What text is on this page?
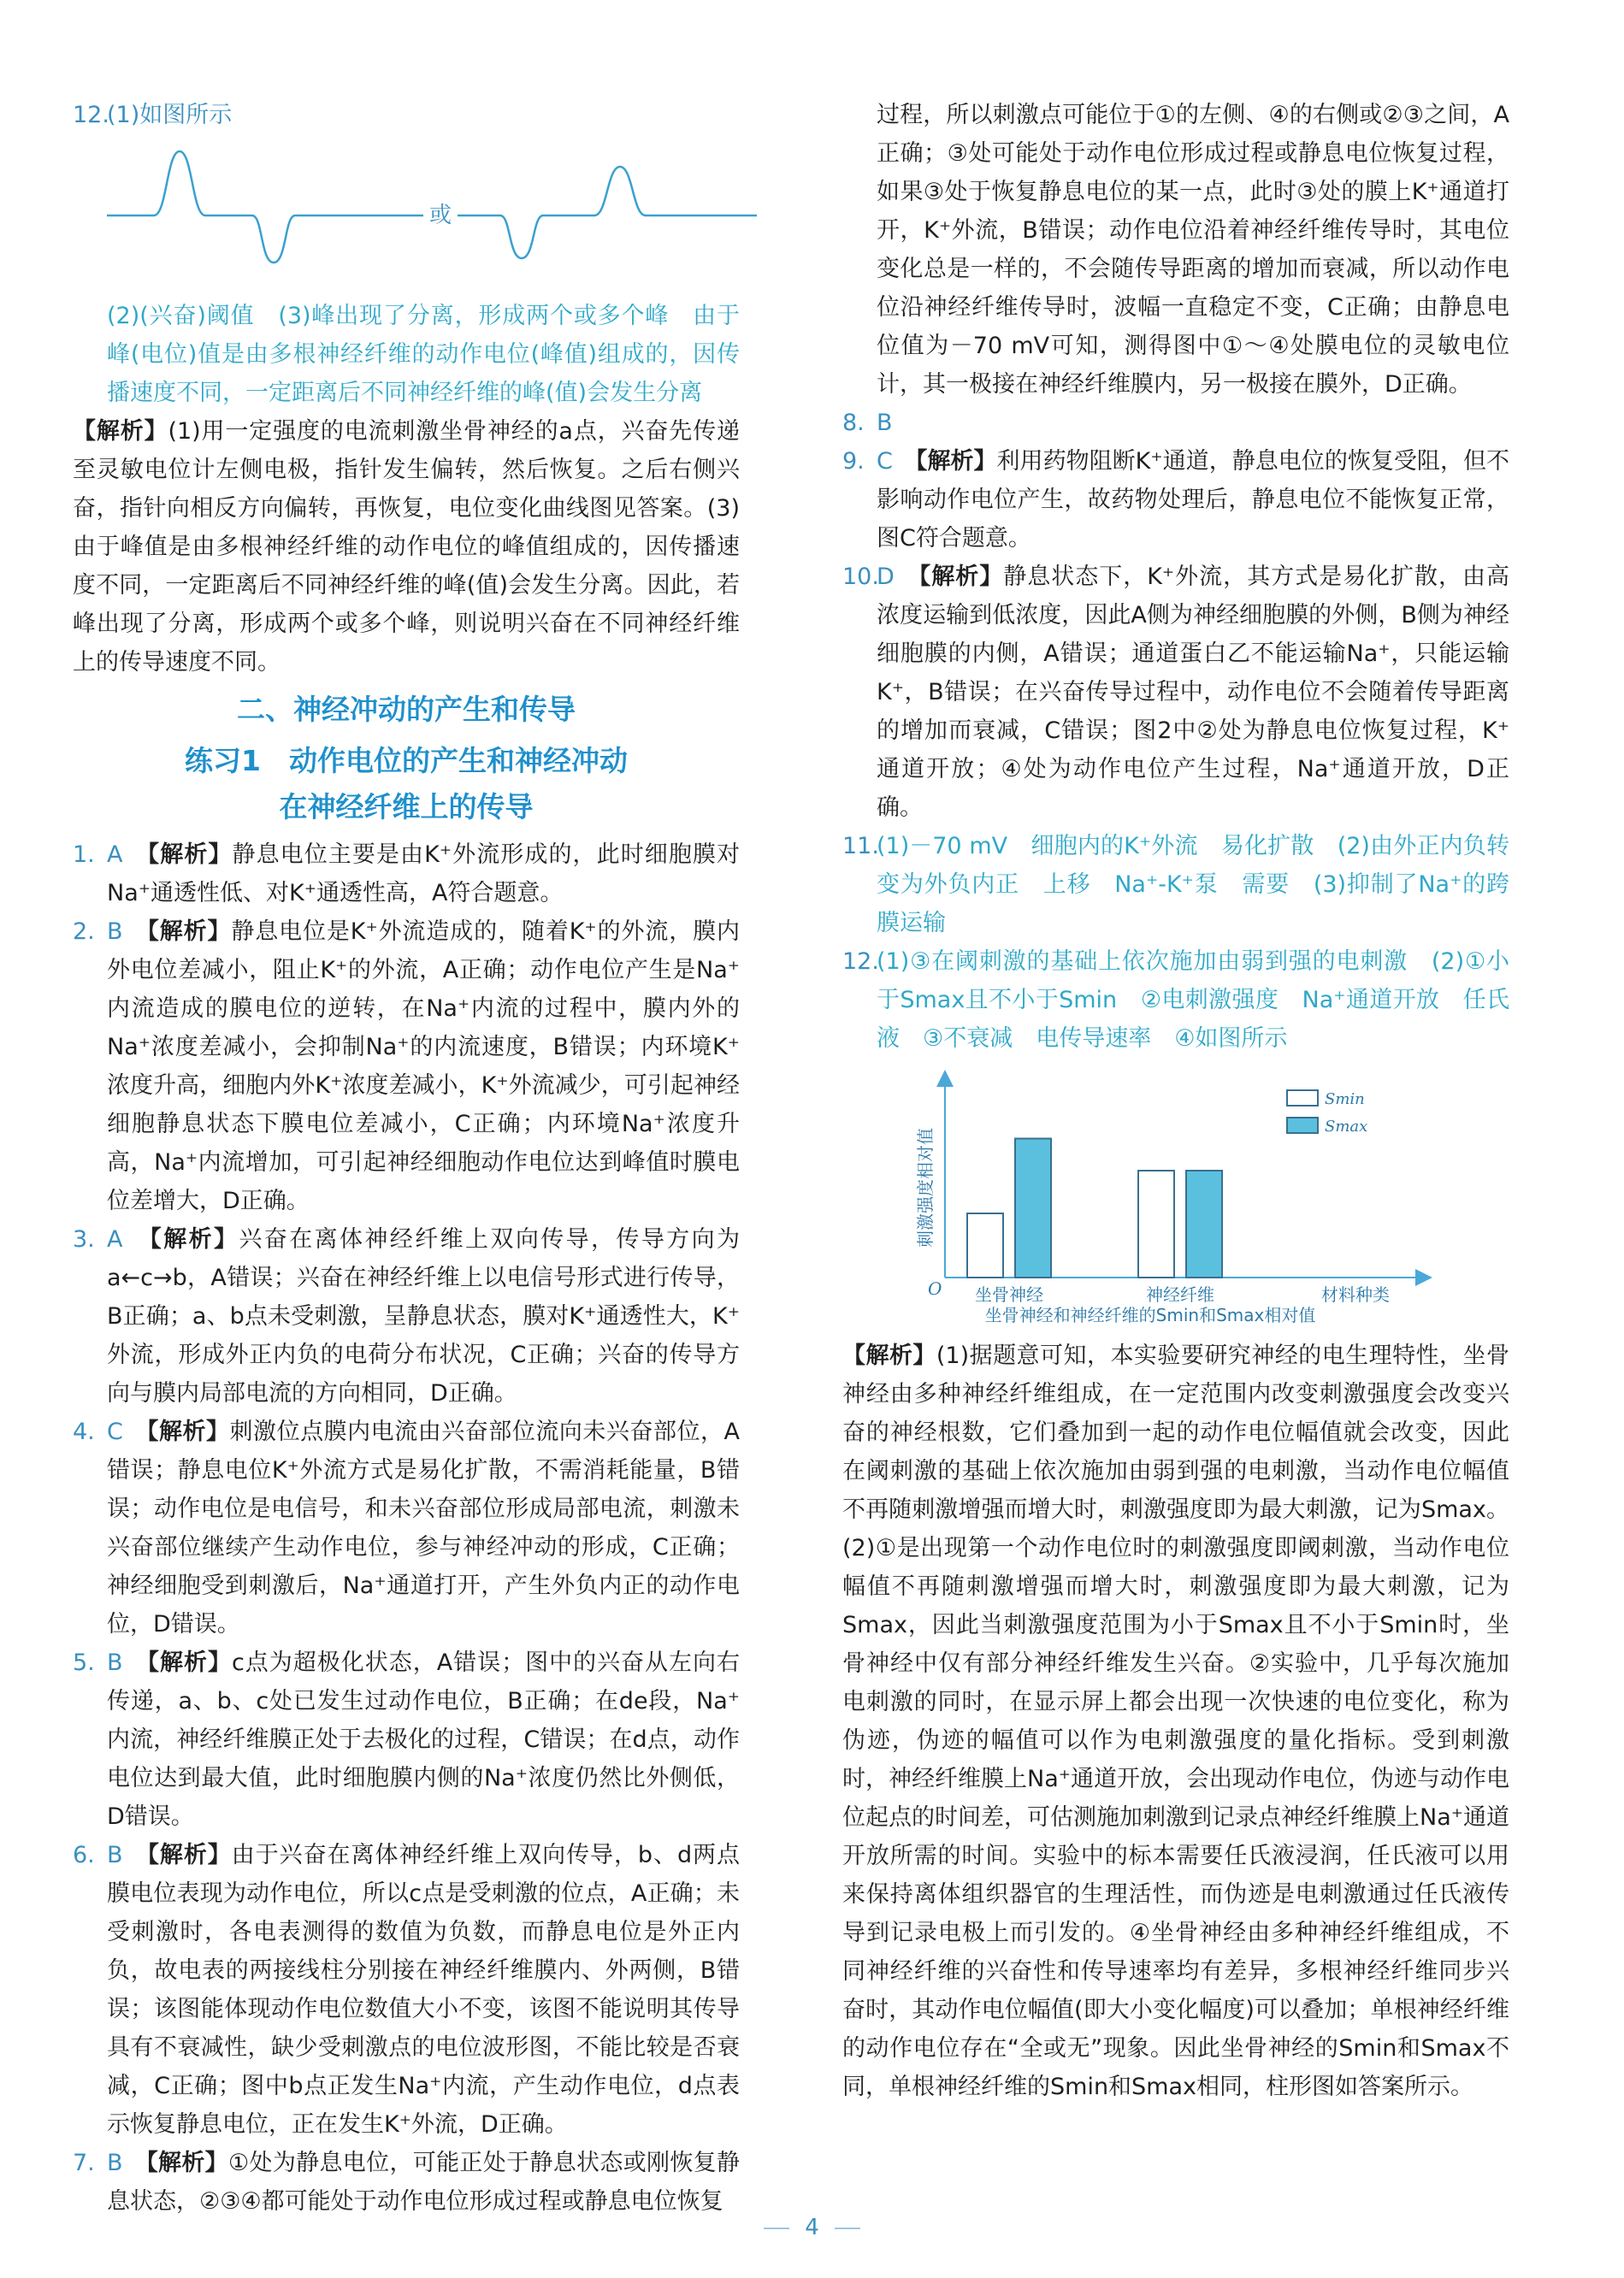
12.
(1)如图所示
或
(2)(兴奋)阈值　(3)峰出现了分离，形成两个或多个峰　由于峰(电位)值是由多根神经纤维的动作电位(峰值)组成的，因传播速度不同，一定距离后不同神经纤维的峰(值)会发生分离
【解析】(1)用一定强度的电流刺激坐骨神经的a点，兴奋先传递至灵敏电位计左侧电极，指针发生偏转，然后恢复。之后右侧兴奋，指针向相反方向偏转，再恢复，电位变化曲线图见答案。(3)由于峰值是由多根神经纤维的动作电位的峰值组成的，因传播速度不同，一定距离后不同神经纤维的峰(值)会发生分离。因此，若峰出现了分离，形成两个或多个峰，则说明兴奋在不同神经纤维上的传导速度不同。
二、神经冲动的产生和传导
练习1　动作电位的产生和神经冲动
在神经纤维上的传导
1. A　 【解析】静息电位主要是由K⁺外流形成的，此时细胞膜对Na⁺通透性低、对K⁺通透性高，A符合题意。
2. B　 【解析】静息电位是K⁺外流造成的，随着K⁺的外流，膜内外电位差减小，阻止K⁺的外流，A正确；动作电位产生是Na⁺内流造成的膜电位的逆转，在Na⁺内流的过程中，膜内外的Na⁺浓度差减小，会抑制Na⁺的内流速度，B错误；内环境K⁺浓度升高，细胞内外K⁺浓度差减小，K⁺外流减少，可引起神经细胞静息状态下膜电位差减小，C正确；内环境Na⁺浓度升高，Na⁺内流增加，可引起神经细胞动作电位达到峰值时膜电位差增大，D正确。
3. A　 【解析】兴奋在离体神经纤维上双向传导，传导方向为a←c→b，A错误；兴奋在神经纤维上以电信号形式进行传导，B正确；a、b点未受刺激，呈静息状态，膜对K⁺通透性大，K⁺外流，形成外正内负的电荷分布状况，C正确；兴奋的传导方向与膜内局部电流的方向相同，D正确。
4. C　 【解析】刺激位点膜内电流由兴奋部位流向未兴奋部位，A错误；静息电位K⁺外流方式是易化扩散，不需消耗能量，B错误；动作电位是电信号，和未兴奋部位形成局部电流，刺激未兴奋部位继续产生动作电位，参与神经冲动的形成，C正确；神经细胞受到刺激后，Na⁺通道打开，产生外负内正的动作电位，D错误。
5. B　 【解析】c点为超极化状态，A错误；图中的兴奋从左向右传递，a、b、c处已发生过动作电位，B正确；在de段，Na⁺内流，神经纤维膜正处于去极化的过程，C错误；在d点，动作电位达到最大值，此时细胞膜内侧的Na⁺浓度仍然比外侧低，D错误。
6. B　 【解析】由于兴奋在离体神经纤维上双向传导，b、d两点膜电位表现为动作电位，所以c点是受刺激的位点，A正确；未受刺激时，各电表测得的数值为负数，而静息电位是外正内负，故电表的两接线柱分别接在神经纤维膜内、外两侧，B错误；该图能体现动作电位数值大小不变，该图不能说明其传导具有不衰减性，缺少受刺激点的电位波形图，不能比较是否衰减，C正确；图中b点正发生Na⁺内流，产生动作电位，d点表示恢复静息电位，正在发生K⁺外流，D正确。
7. B　 【解析】①处为静息电位，可能正处于静息状态或刚恢复静息状态，②③④都可能处于动作电位形成过程或静息电位恢复
过程，所以刺激点可能位于①的左侧、④的右侧或②③之间，A正确；③处可能处于动作电位形成过程或静息电位恢复过程，如果③处于恢复静息电位的某一点，此时③处的膜上K⁺通道打开，K⁺外流，B错误；动作电位沿着神经纤维传导时，其电位变化总是一样的，不会随传导距离的增加而衰减，所以动作电位沿神经纤维传导时，波幅一直稳定不变，C正确；由静息电位值为－70 mV可知，测得图中①～④处膜电位的灵敏电位计，其一极接在神经纤维膜内，另一极接在膜外，D正确。
8. B
9. C　 【解析】利用药物阻断K⁺通道，静息电位的恢复受阻，但不影响动作电位产生，故药物处理后，静息电位不能恢复正常，图C符合题意。
10.
D　 【解析】静息状态下，K⁺外流，其方式是易化扩散，由高浓度运输到低浓度，因此A侧为神经细胞膜的外侧，B侧为神经细胞膜的内侧，A错误；通道蛋白乙不能运输Na⁺，只能运输K⁺，B错误；在兴奋传导过程中，动作电位不会随着传导距离的增加而衰减，C错误；图2中②处为静息电位恢复过程，K⁺通道开放；④处为动作电位产生过程，Na⁺通道开放，D正确。
11.
(1)－70 mV　细胞内的K⁺外流　易化扩散　(2)由外正内负转变为外负内正　上移　Na⁺-K⁺泵　需要　(3)抑制了Na⁺的跨膜运输
12.
(1)③在阈刺激的基础上依次施加由弱到强的电刺激　(2)①小于Smax且不小于Smin　②电刺激强度　Na⁺通道开放　任氏液　③不衰减　电传导速率　④如图所示
O
刺激强度相对值
材料种类
坐骨神经	神经纤维
坐骨神经和神经纤维的Smin和Smax相对值
Smin
Smax
【解析】(1)据题意可知，本实验要研究神经的电生理特性，坐骨神经由多种神经纤维组成，在一定范围内改变刺激强度会改变兴奋的神经根数，它们叠加到一起的动作电位幅值就会改变，因此在阈刺激的基础上依次施加由弱到强的电刺激，当动作电位幅值不再随刺激增强而增大时，刺激强度即为最大刺激，记为Smax。(2)①是出现第一个动作电位时的刺激强度即阈刺激，当动作电位幅值不再随刺激增强而增大时，刺激强度即为最大刺激，记为Smax，因此当刺激强度范围为小于Smax且不小于Smin时，坐骨神经中仅有部分神经纤维发生兴奋。②实验中，几乎每次施加电刺激的同时，在显示屏上都会出现一次快速的电位变化，称为伪迹，伪迹的幅值可以作为电刺激强度的量化指标。受到刺激时，神经纤维膜上Na⁺通道开放，会出现动作电位，伪迹与动作电位起点的时间差，可估测施加刺激到记录点神经纤维膜上Na⁺通道开放所需的时间。实验中的标本需要任氏液浸润，任氏液可以用来保持离体组织器官的生理活性，而伪迹是电刺激通过任氏液传导到记录电极上而引发的。④坐骨神经由多种神经纤维组成，不同神经纤维的兴奋性和传导速率均有差异，多根神经纤维同步兴奋时，其动作电位幅值(即大小变化幅度)可以叠加；单根神经纤维的动作电位存在“全或无”现象。因此坐骨神经的Smin和Smax不同，单根神经纤维的Smin和Smax相同，柱形图如答案所示。
4
